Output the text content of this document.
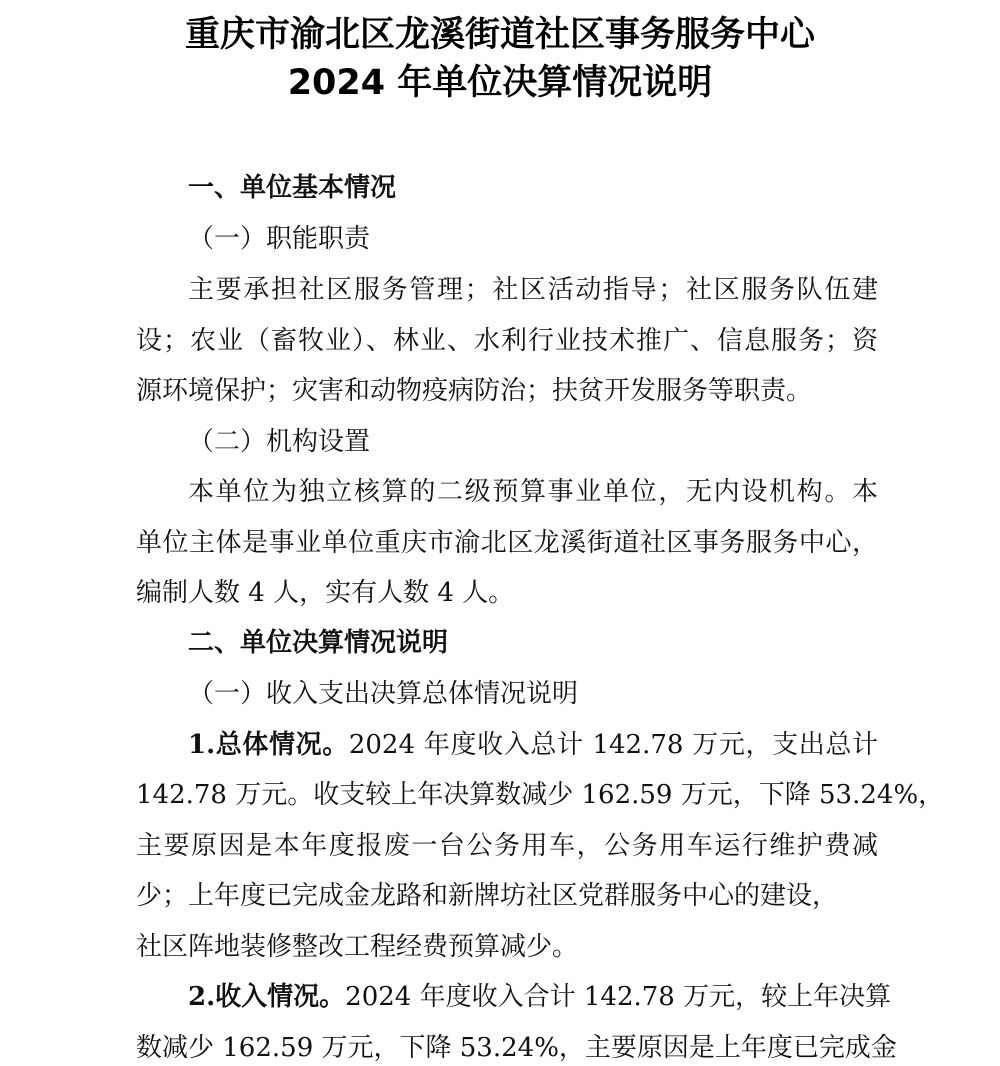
重庆市渝北区龙溪街道社区事务服务中心
2024 年单位决算情况说明

一、单位基本情况

（一）职能职责

主要承担社区服务管理；社区活动指导；社区服务队伍建

设；农业（畜牧业）、林业、水利行业技术推广、信息服务；资

源环境保护；灾害和动物疫病防治；扶贫开发服务等职责。

（二）机构设置

本单位为独立核算的二级预算事业单位，无内设机构。本

单位主体是事业单位重庆市渝北区龙溪街道社区事务服务中心，

编制人数 4 人，实有人数 4 人。

二、单位决算情况说明

（一）收入支出决算总体情况说明

1.总体情况。2024 年度收入总计 142.78 万元，支出总计

142.78 万元。收支较上年决算数减少 162.59 万元，下降 53.24%，

主要原因是本年度报废一台公务用车，公务用车运行维护费减

少；上年度已完成金龙路和新牌坊社区党群服务中心的建设，

社区阵地装修整改工程经费预算减少。

2.收入情况。2024 年度收入合计 142.78 万元，较上年决算

数减少 162.59 万元，下降 53.24%，主要原因是上年度已完成金
